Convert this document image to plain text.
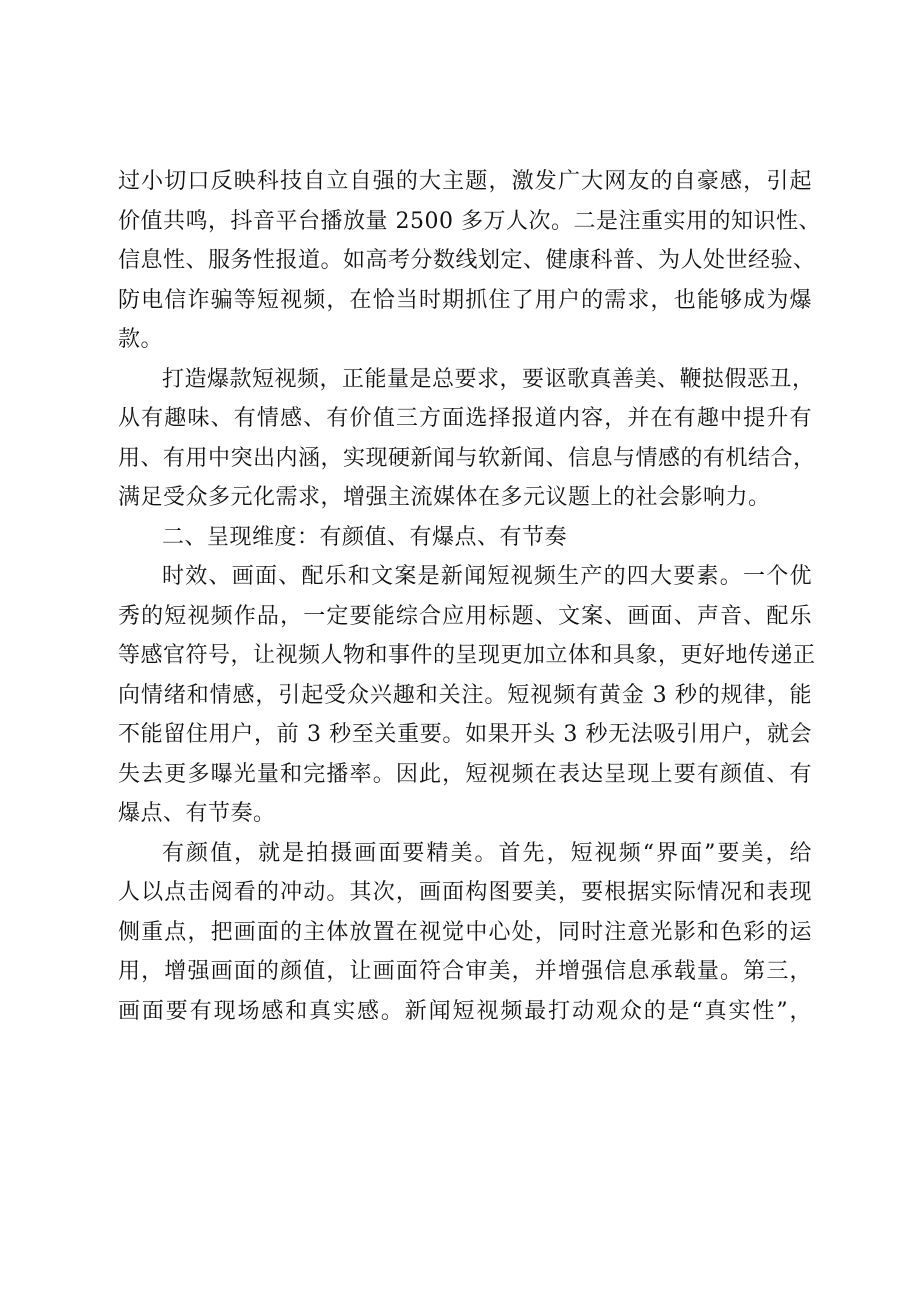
过小切口反映科技自立自强的大主题，激发广大网友的自豪感，引起
价值共鸣，抖音平台播放量 2500 多万人次。二是注重实用的知识性、
信息性、服务性报道。如高考分数线划定、健康科普、为人处世经验、
防电信诈骗等短视频，在恰当时期抓住了用户的需求，也能够成为爆
款。
打造爆款短视频，正能量是总要求，要讴歌真善美、鞭挞假恶丑，
从有趣味、有情感、有价值三方面选择报道内容，并在有趣中提升有
用、有用中突出内涵，实现硬新闻与软新闻、信息与情感的有机结合，
满足受众多元化需求，增强主流媒体在多元议题上的社会影响力。
二、呈现维度：有颜值、有爆点、有节奏
时效、画面、配乐和文案是新闻短视频生产的四大要素。一个优
秀的短视频作品，一定要能综合应用标题、文案、画面、声音、配乐
等感官符号，让视频人物和事件的呈现更加立体和具象，更好地传递正
向情绪和情感，引起受众兴趣和关注。短视频有黄金 3 秒的规律，能
不能留住用户，前 3 秒至关重要。如果开头 3 秒无法吸引用户，就会
失去更多曝光量和完播率。因此，短视频在表达呈现上要有颜值、有
爆点、有节奏。
有颜值，就是拍摄画面要精美。首先，短视频“界面”要美，给
人以点击阅看的冲动。其次，画面构图要美，要根据实际情况和表现
侧重点，把画面的主体放置在视觉中心处，同时注意光影和色彩的运
用，增强画面的颜值，让画面符合审美，并增强信息承载量。第三，
画面要有现场感和真实感。新闻短视频最打动观众的是“真实性”，
